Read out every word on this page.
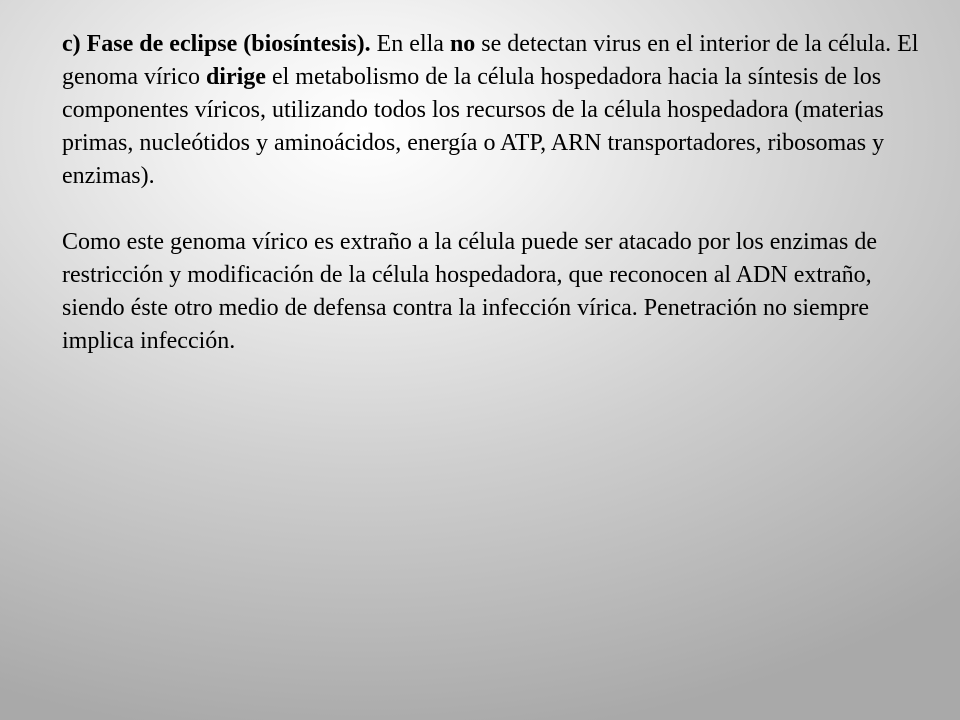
c) Fase de eclipse (biosíntesis). En ella no se detectan virus en el interior de la célula. El genoma vírico dirige el metabolismo de la célula hospedadora hacia la síntesis de los componentes víricos, utilizando todos los recursos de la célula hospedadora (materias primas, nucleótidos y aminoácidos, energía o ATP, ARN transportadores, ribosomas y enzimas).

Como este genoma vírico es extraño a la célula puede ser atacado por los enzimas de restricción y modificación de la célula hospedadora, que reconocen al ADN extraño, siendo éste otro medio de defensa contra la infección vírica. Penetración no siempre implica infección.
